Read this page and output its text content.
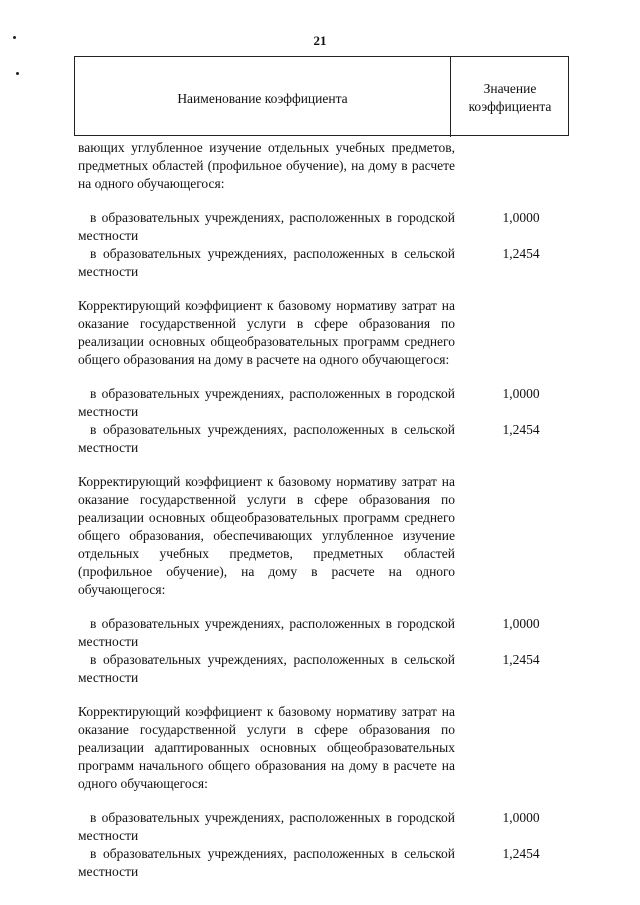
21
Наименование коэффициента
Значение
коэффициента
вающих углубленное изучение отдельных учебных предметов, предметных областей (профильное обучение), на дому в расчете на одного обучающегося:
в образовательных учреждениях, расположенных в городской местности
1,0000
в образовательных учреждениях, расположенных в сельской местности
1,2454
Корректирующий коэффициент к базовому нормативу затрат на оказание государственной услуги в сфере образования по реализации основных общеобразовательных программ среднего общего образования на дому в расчете на одного обучающегося:
в образовательных учреждениях, расположенных в городской местности
1,0000
в образовательных учреждениях, расположенных в сельской местности
1,2454
Корректирующий коэффициент к базовому нормативу затрат на оказание государственной услуги в сфере образования по реализации основных общеобразовательных программ среднего общего образования, обеспечивающих углубленное изучение отдельных учебных предметов, предметных областей (профильное обучение), на дому в расчете на одного обучающегося:
в образовательных учреждениях, расположенных в городской местности
1,0000
в образовательных учреждениях, расположенных в сельской местности
1,2454
Корректирующий коэффициент к базовому нормативу затрат на оказание государственной услуги в сфере образования по реализации адаптированных основных общеобразовательных программ начального общего образования на дому в расчете на одного обучающегося:
в образовательных учреждениях, расположенных в городской местности
1,0000
в образовательных учреждениях, расположенных в сельской местности
1,2454
